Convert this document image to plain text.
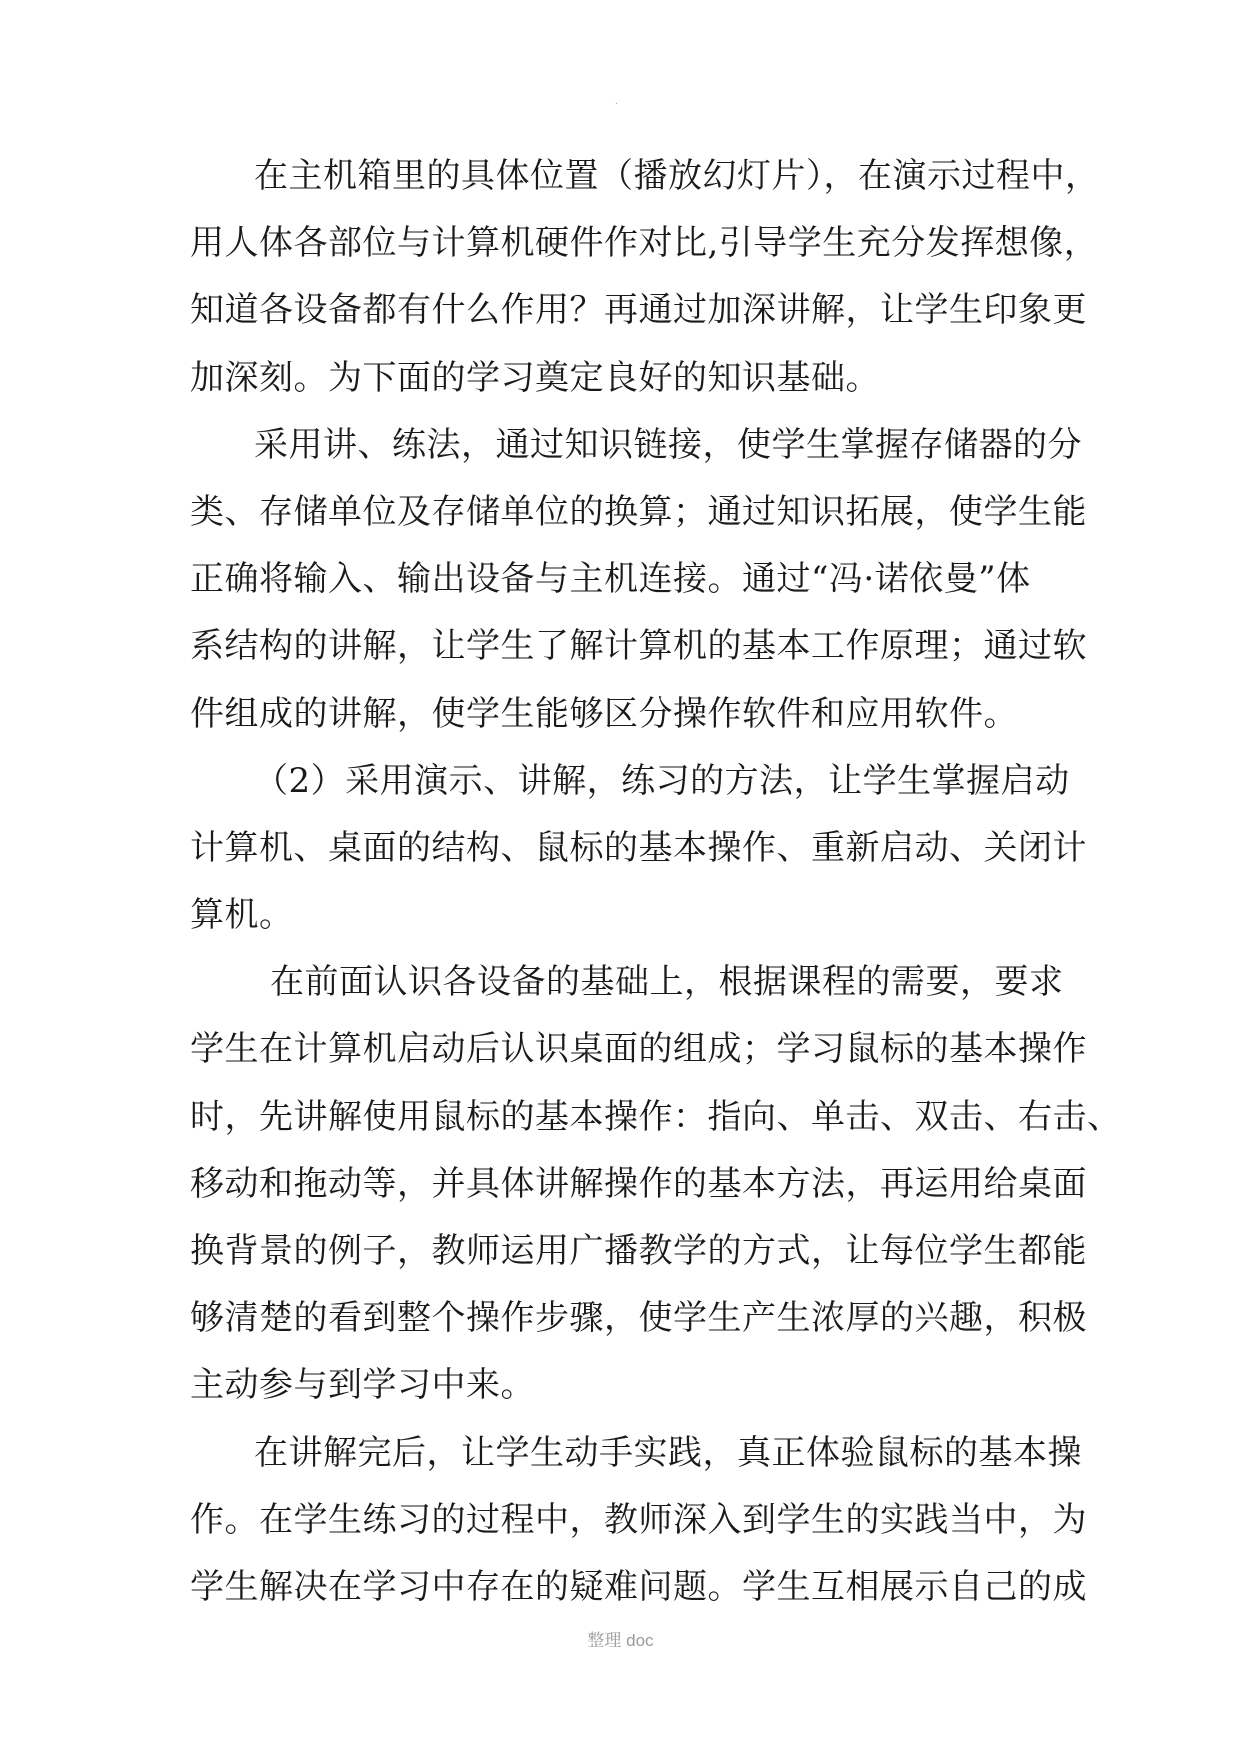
.
在主机箱里的具体位置（播放幻灯片），在演示过程中，
用人体各部位与计算机硬件作对比,引导学生充分发挥想像，
知道各设备都有什么作用？再通过加深讲解，让学生印象更
加深刻。为下面的学习奠定良好的知识基础。
采用讲、练法，通过知识链接，使学生掌握存储器的分
类、存储单位及存储单位的换算；通过知识拓展，使学生能
正确将输入、输出设备与主机连接。通过“冯·诺依曼”体
系结构的讲解，让学生了解计算机的基本工作原理；通过软
件组成的讲解，使学生能够区分操作软件和应用软件。
（2）采用演示、讲解，练习的方法，让学生掌握启动
计算机、桌面的结构、鼠标的基本操作、重新启动、关闭计
算机。
在前面认识各设备的基础上，根据课程的需要，要求
学生在计算机启动后认识桌面的组成；学习鼠标的基本操作
时，先讲解使用鼠标的基本操作：指向、单击、双击、右击、
移动和拖动等，并具体讲解操作的基本方法，再运用给桌面
换背景的例子，教师运用广播教学的方式，让每位学生都能
够清楚的看到整个操作步骤，使学生产生浓厚的兴趣，积极
主动参与到学习中来。
在讲解完后，让学生动手实践，真正体验鼠标的基本操
作。在学生练习的过程中，教师深入到学生的实践当中，为
学生解决在学习中存在的疑难问题。学生互相展示自己的成
整理 doc
